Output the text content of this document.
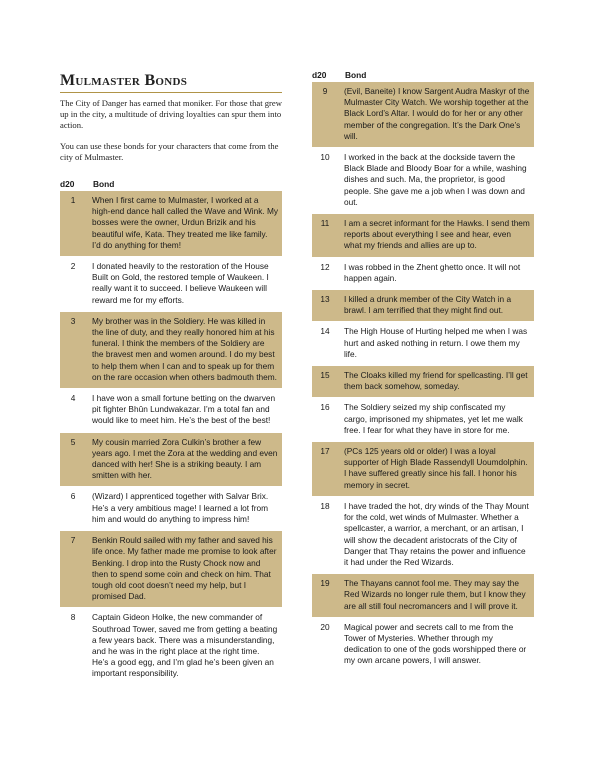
Mulmaster Bonds

The City of Danger has earned that moniker. For those that grew up in the city, a multitude of driving loyalties can spur them into action.

You can use these bonds for your characters that come from the city of Mulmaster.

d20	Bond
1	When I first came to Mulmaster, I worked at a high-end dance hall called the Wave and Wink. My bosses were the owner, Urdun Brizik and his beautiful wife, Kata. They treated me like family. I’d do anything for them!
2	I donated heavily to the restoration of the House Built on Gold, the restored temple of Waukeen. I really want it to succeed. I believe Waukeen will reward me for my efforts.
3	My brother was in the Soldiery. He was killed in the line of duty, and they really honored him at his funeral. I think the members of the Soldiery are the bravest men and women around. I do my best to help them when I can and to speak up for them on the rare occasion when others badmouth them.
4	I have won a small fortune betting on the dwarven pit fighter Bhûn Lundwakazar. I’m a total fan and would like to meet him. He’s the best of the best!
5	My cousin married Zora Culkin’s brother a few years ago. I met the Zora at the wedding and even danced with her! She is a striking beauty. I am smitten with her.
6	(Wizard) I apprenticed together with Salvar Brix. He’s a very ambitious mage! I learned a lot from him and would do anything to impress him!
7	Benkin Rould sailed with my father and saved his life once. My father made me promise to look after Benking. I drop into the Rusty Chock now and then to spend some coin and check on him. That tough old coot doesn’t need my help, but I promised Dad.
8	Captain Gideon Holke, the new commander of Southroad Tower, saved me from getting a beating a few years back. There was a misunderstanding, and he was in the right place at the right time. He’s a good egg, and I’m glad he’s been given an important responsibility.
d20	Bond
9	(Evil, Baneite) I know Sargent Audra Maskyr of the Mulmaster City Watch. We worship together at the Black Lord’s Altar. I would do for her or any other member of the congregation. It’s the Dark One’s will.
10	I worked in the back at the dockside tavern the Black Blade and Bloody Boar for a while, washing dishes and such. Ma, the proprietor, is good people. She gave me a job when I was down and out.
11	I am a secret informant for the Hawks. I send them reports about everything I see and hear, even what my friends and allies are up to.
12	I was robbed in the Zhent ghetto once. It will not happen again.
13	I killed a drunk member of the City Watch in a brawl. I am terrified that they might find out.
14	The High House of Hurting helped me when I was hurt and asked nothing in return. I owe them my life.
15	The Cloaks killed my friend for spellcasting. I’ll get them back somehow, someday.
16	The Soldiery seized my ship confiscated my cargo, imprisoned my shipmates, yet let me walk free. I fear for what they have in store for me.
17	(PCs 125 years old or older) I was a loyal supporter of High Blade Rassendyll Uoumdolphin. I have suffered greatly since his fall. I honor his memory in secret.
18	I have traded the hot, dry winds of the Thay Mount for the cold, wet winds of Mulmaster. Whether a spellcaster, a warrior, a merchant, or an artisan, I will show the decadent aristocrats of the City of Danger that Thay retains the power and influence it had under the Red Wizards.
19	The Thayans cannot fool me. They may say the Red Wizards no longer rule them, but I know they are all still foul necromancers and I will prove it.
20	Magical power and secrets call to me from the Tower of Mysteries. Whether through my dedication to one of the gods worshipped there or my own arcane powers, I will answer.
